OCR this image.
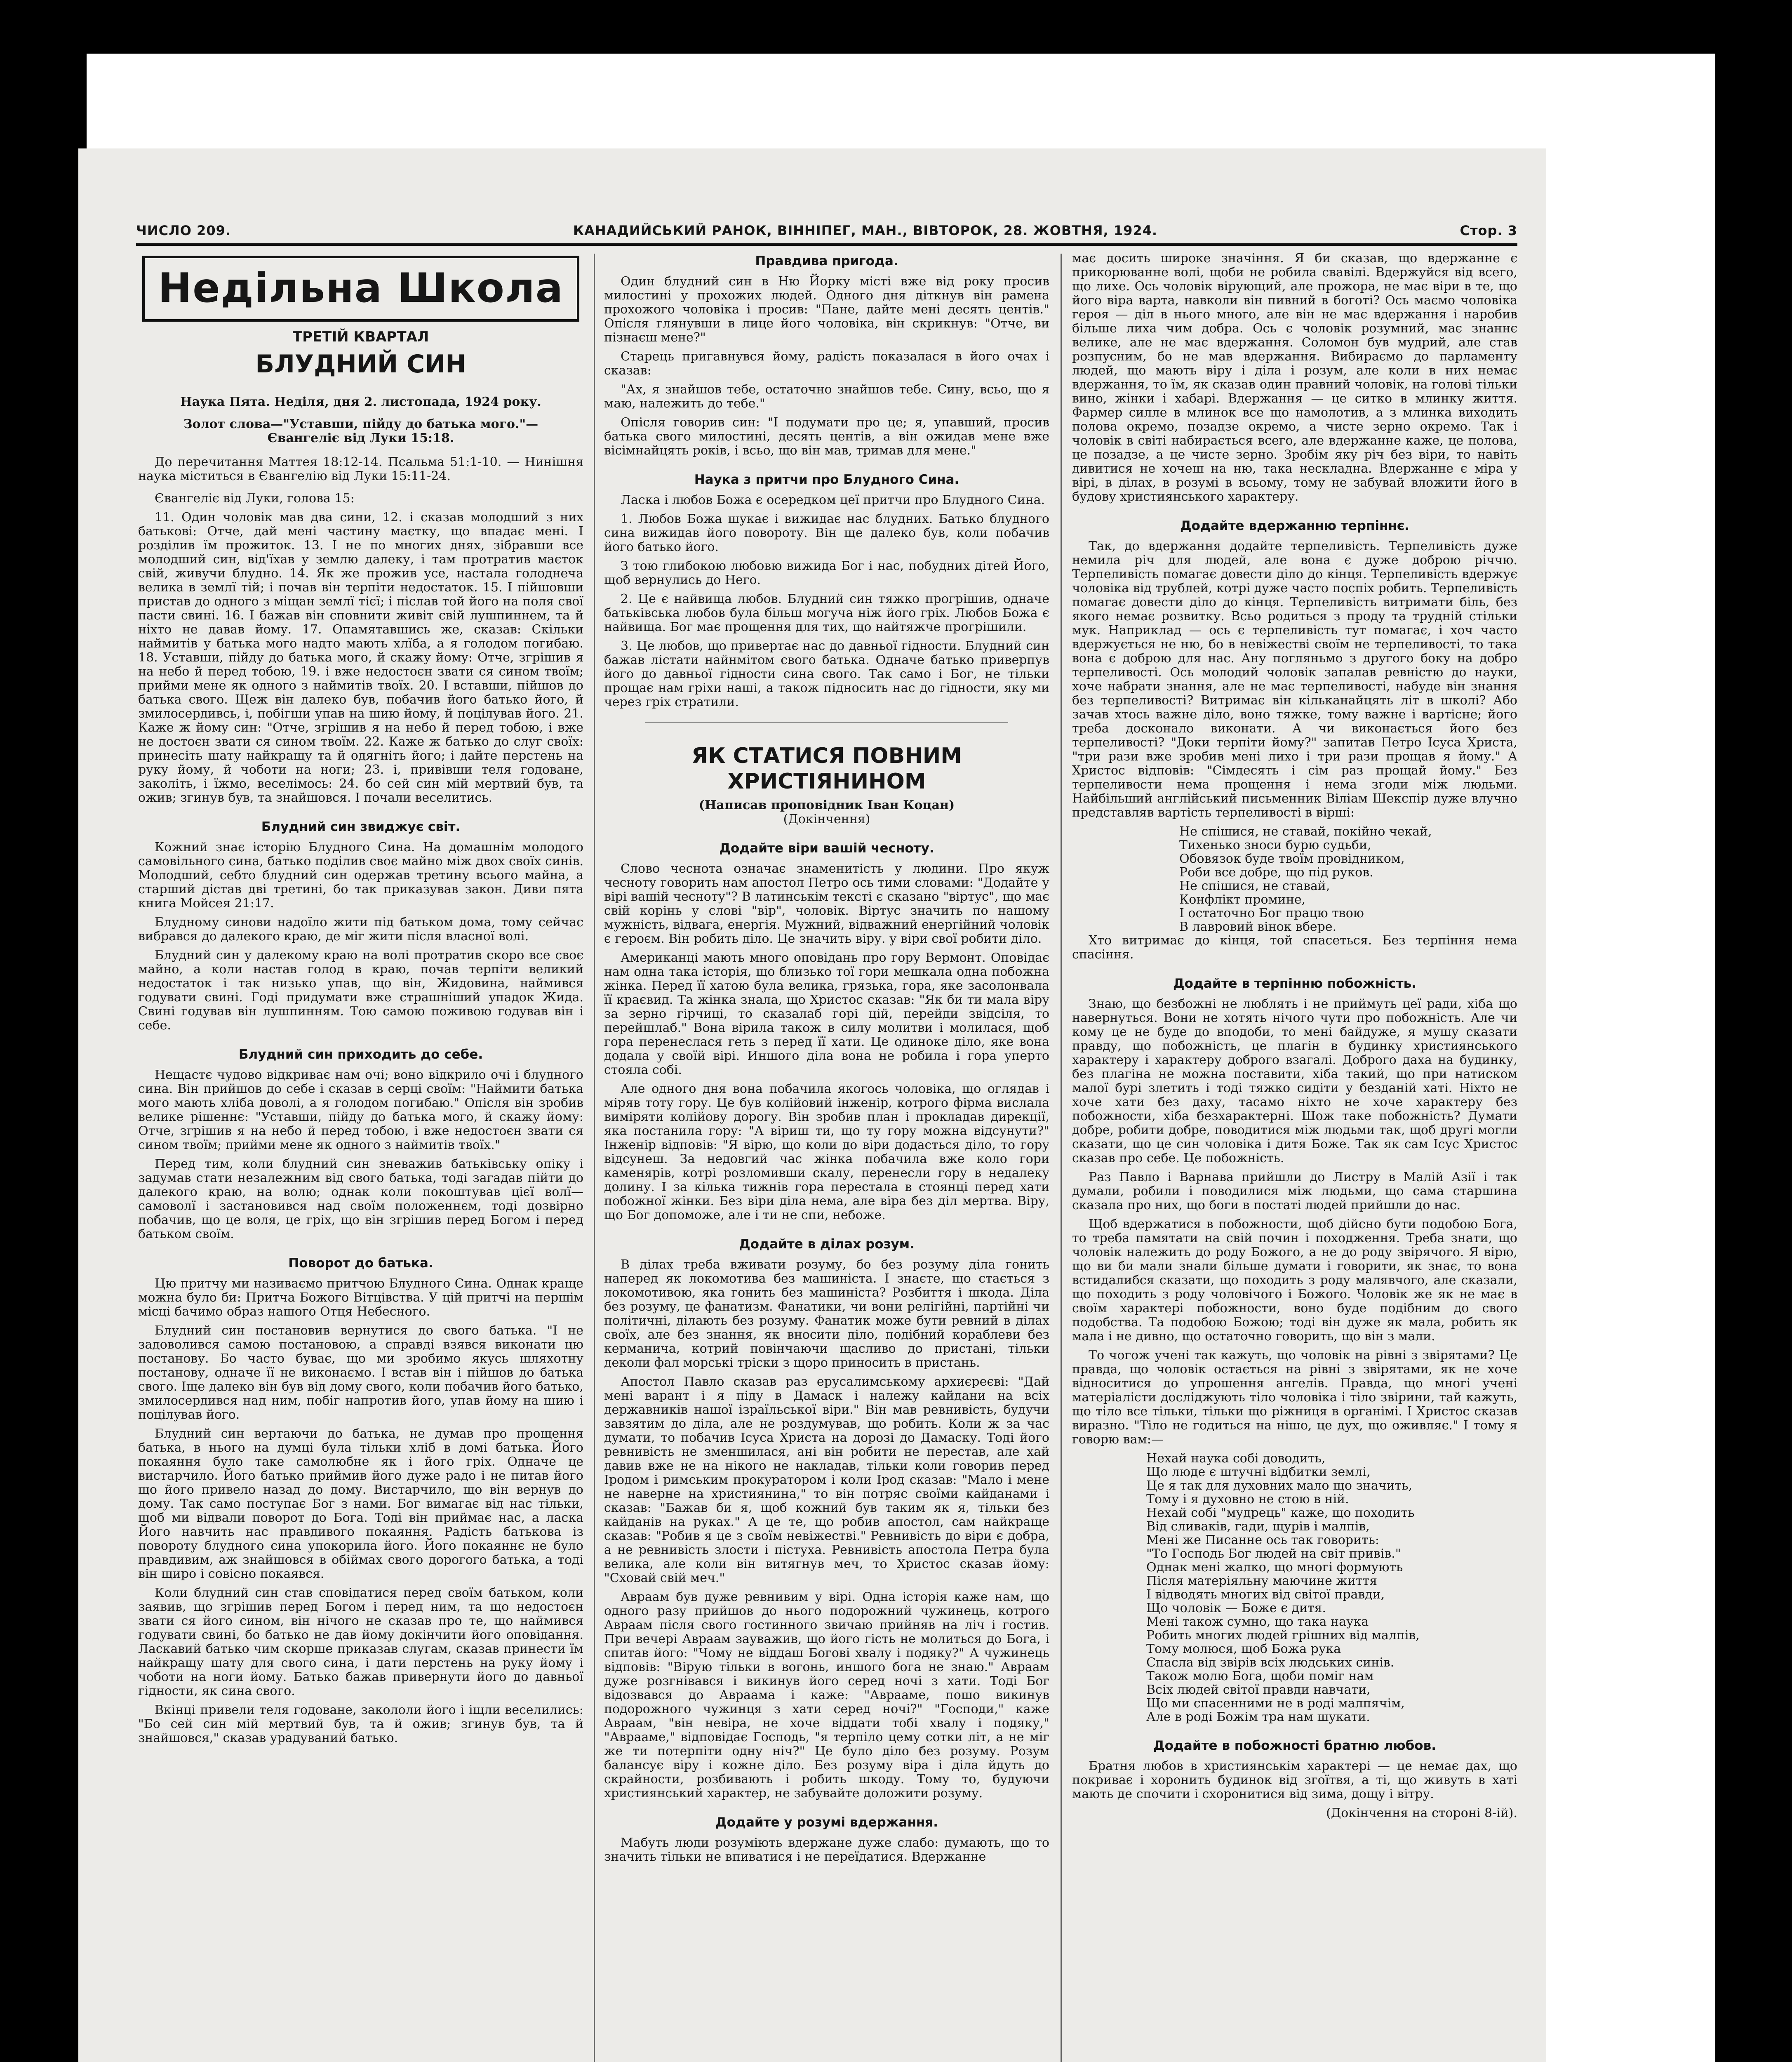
ЧИСЛО 209.	КАНАДИЙСЬКИЙ РАНОК, ВІННІПЕГ, МАН., ВІВТОРОК, 28. ЖОВТНЯ, 1924.	Стор. 3
Недільна Школа
ТРЕТІЙ КВАРТАЛ
БЛУДНИЙ СИН
Наука Пята. Неділя, дня 2. листопада, 1924 року.
Золот слова—"Уставши, пійду до батька мого."— Євангеліє від Луки 15:18.

До перечитання Маттея 18:12-14. Псальма 51:1-10. — Нинішня наука міститься в Євангелію від Луки 15:11-24.

Євангеліє від Луки, голова 15:

11. Один чоловік мав два сини, 12. і сказав молодший з них батькові: Отче, дай мені частину маєтку, що впадає мені. І розділив їм прожиток. 13. І не по многих днях, зібравши все молодший син, від'їхав у землю далеку, і там протратив маєток свій, живучи блудно. 14. Як же прожив усе, настала голоднеча велика в землї тій; і почав він терпіти недостаток. 15. І пійшовши пристав до одного з міщан землї тієї; і післав той його на поля свої пасти свині. 16. І бажав він сповнити живіт свій лушпиннем, та й ніхто не давав йому. 17. Опамятавшись же, сказав: Скільки наймитів у батька мого надто мають хлїба, а я голодом погибаю. 18. Уставши, пійду до батька мого, й скажу йому: Отче, згрішив я на небо й перед тобою, 19. і вже недостоєн звати ся сином твоїм; прийми мене як одного з наймитів твоїх. 20. І вставши, пійшов до батька свого. Щеж він далеко був, побачив його батько його, й змилосердивсь, і, побігши упав на шию йому, й поцілував його. 21. Каже ж йому син: "Отче, згрішив я на небо й перед тобою, і вже не достоєн звати ся сином твоїм. 22. Каже ж батько до слуг своїх: принесіть шату найкращу та й одягніть його; і дайте перстень на руку йому, й чоботи на ноги; 23. і, привівши теля годоване, заколіть, і їжмо, веселімось: 24. бо сей син мій мертвий був, та ожив; згинув був, та знайшовся. І почали веселитись.

Блудний син звиджує світ.

Кожний знає історію Блудного Сина. На домашнім молодого самовільного сина, батько поділив своє майно між двох своїх синів. Молодший, себто блудний син одержав третину всього майна, а старший дістав дві третині, бо так приказував закон. Диви пята книга Мойсея 21:17.

Блудному синови надоїло жити під батьком дома, тому сейчас вибрався до далекого краю, де міг жити після власної волі.

Блудний син у далекому краю на волі протратив скоро все своє майно, а коли настав голод в краю, почав терпіти великий недостаток і так низько упав, що він, Жидовина, наймився годувати свині. Годі придумати вже страшніший упадок Жида. Свині годував він лушпинням. Тою самою поживою годував він і себе.

Блудний син приходить до себе.

Нещастє чудово відкриває нам очі; воно відкрило очі і блудного сина. Він прийшов до себе і сказав в серці своїм: "Наймити батька мого мають хліба доволі, а я голодом погибаю." Опісля він зробив велике рішеннє: "Уставши, пійду до батька мого, й скажу йому: Отче, згрішив я на небо й перед тобою, і вже недостоєн звати ся сином твоїм; прийми мене як одного з наймитів твоїх."

Перед тим, коли блудний син зневажив батьківську опіку і задумав стати незалежним від свого батька, тоді загадав пійти до далекого краю, на волю; однак коли покоштував цієї волї—самоволї і застановився над своїм положеннєм, тоді дозвірно побачив, що це воля, це гріх, що він згрішив перед Богом і перед батьком своїм.

Поворот до батька.

Цю притчу ми називаємо притчою Блудного Сина. Однак краще можна було би: Притча Божого Вітцівства. У цій притчі на першім місці бачимо образ нашого Отця Небесного.

Блудний син постановив вернутися до свого батька. "І не задоволився самою постановою, а справді взявся виконати цю постанову. Бо часто буває, що ми зробимо якусь шляхотну постанову, одначе її не виконаємо. І встав він і пійшов до батька свого. Іще далеко він був від дому свого, коли побачив його батько, змилосердився над ним, побіг напротив його, упав йому на шию і поцілував його.

Блудний син вертаючи до батька, не думав про прощення батька, в нього на думці була тільки хліб в домі батька. Його покаяння було таке самолюбне як і його гріх. Одначе це вистарчило. Його батько приймив його дуже радо і не питав його що його привело назад до дому. Вистарчило, що він вернув до дому. Так само поступає Бог з нами. Бог вимагає від нас тільки, щоб ми відвали поворот до Бога. Тоді він приймає нас, а ласка Його навчить нас правдивого покаяння. Радість батькова із повороту блудного сина упокорила його. Його покаяннє не було правдивим, аж знайшовся в обіймах свого дорогого батька, а тоді він щиро і совісно покаявся.

Коли блудний син став сповідатися перед своїм батьком, коли заявив, що згрішив перед Богом і перед ним, та що недостоєн звати ся його сином, він нічого не сказав про те, що наймився годувати свині, бо батько не дав йому докінчити його оповідання. Ласкавий батько чим скорше приказав слугам, сказав принести їм найкращу шату для свого сина, і дати перстень на руку йому і чоботи на ноги йому. Батько бажав привернути його до давньої гідности, як сина свого.

Вкінці привели теля годоване, закололи його і іщли веселились: "Бо сей син мій мертвий був, та й ожив; згинув був, та й знайшовся," сказав урадуваний батько.

Правдива пригода.

Один блудний син в Ню Йорку місті вже від року просив милостині у прохожих людей. Одного дня діткнув він рамена прохожого чоловіка і просив: "Пане, дайте мені десять центів." Опісля глянувши в лице його чоловіка, він скрикнув: "Отче, ви пізнаєш мене?"

Старець пригавнувся йому, радість показалася в його очах і сказав:

"Ах, я знайшов тебе, остаточно знайшов тебе. Сину, всьо, що я маю, належить до тебе."

Опісля говорив син: "І подумати про це; я, упавший, просив батька свого милостині, десять центів, а він ожидав мене вже вісімнайцять років, і всьо, що він мав, тримав для мене."

Наука з притчи про Блудного Сина.

Ласка і любов Божа є осередком цеї притчи про Блудного Сина.

1. Любов Божа шукає і вижидає нас блудних. Батько блудного сина вижидав його повороту. Він ще далеко був, коли побачив його батько його.

З тою глибокою любовю вижида Бог і нас, побудних дітей Його, щоб вернулись до Него.

2. Це є найвища любов. Блудний син тяжко прогрішив, одначе батьківська любов була більш могуча ніж його гріх. Любов Божа є найвища. Бог має прощення для тих, що найтяжче прогрішили.

3. Це любов, що привертає нас до давньої гідности. Блудний син бажав лістати найнмітом свого батька. Одначе батько приверпув його до давньої гідности сина свого. Так само і Бог, не тільки прощає нам гріхи наші, а також підносить нас до гідности, яку ми через гріх стратили.

ЯК СТАТИСЯ ПОВНИМ ХРИСТІЯНИНОМ
(Написав проповідник Іван Коцан)
(Докінчення)
Додайте віри вашій чесноту.

Слово чеснота означає знаменитість у людини. Про якуж чесноту говорить нам апостол Петро ось тими словами: "Додайте у вірі вашій чесноту"? В латинськім тексті є сказано "віртус", що має свій корінь у слові "вір", чоловік. Віртус значить по нашому мужність, відвага, енергія. Мужний, відважний енергійний чоловік є героєм. Він робить діло. Це значить віру. у віри свої робити діло.

Американці мають много оповідань про гору Вермонт. Оповідає нам одна така історія, що близько тої гори мешкала одна побожна жінка. Перед її хатою була велика, грязька, гора, яке засолонвала її краєвид. Та жінка знала, що Христос сказав: "Як би ти мала віру за зерно гірчиці, то сказалаб горі цій, перейди звідсіля, то перейшлаб." Вона вірила також в силу молитви і молилася, щоб гора перенеслася геть з перед її хати. Це одиноке діло, яке вона додала у своїй вірі. Иншого діла вона не робила і гора уперто стояла собі.

Але одного дня вона побачила якогось чоловіка, що оглядав і міряв тоту гору. Це був колійовий інженір, котрого фірма вислала виміряти колійову дорогу. Він зробив план і прокладав дирекції, яка постанила гору: "А віриш ти, що ту гору можна відсунути?" Інженір відповів: "Я вірю, що коли до віри додасться діло, то гору відсунеш. За недовгий час жінка побачила вже коло гори каменярів, котрі розломивши скалу, перенесли гору в недалеку долину. І за кількa тижнів гора перестала в стоянці перед хати побожної жінки. Без віри діла нема, але віра без діл мертва. Віру, що Бог допоможе, але і ти не спи, небоже.

Додайте в ділах розум.

В ділах треба вживати розуму, бо без розуму діла гонить наперед як локомотива без машиніста. І знаєте, що стається з локомотивою, яка гонить без машиніста? Розбиття і шкода. Діла без розуму, це фанатизм. Фанатики, чи вони релігійні, партійні чи політичні, ділають без розуму. Фанатик може бути ревний в ділах своїх, але без знання, як вносити діло, подібний кораблеви без керманича, котрий повінчаючи щасливо до пристані, тільки деколи фал морські тріски з щоро приносить в пристань.

Апостол Павло сказав раз ерусалимському архиєреєві: "Дай мені варант і я піду в Дамаск і належу кайдани на всіх державників нашої ізраїльської віри." Він мав ревнивість, будучи завзятим до діла, але не роздумував, що робить. Коли ж за час думати, то побачив Ісуса Христа на дорозі до Дамаску. Тоді його ревнивість не зменшилася, ані він робити не перестав, але хай давив вже не на нікого не накладав, тільки коли говорив перед Іродом і римським прокуратором і коли Ірод сказав: "Мало і мене не наверне на християнина," то він потряс своїми кайданами і сказав: "Бажав би я, щоб кожний був таким як я, тільки без кайданів на руках." А це те, що робив апостол, сам найкраще сказав: "Робив я це з своїм невіжестві." Ревнивість до віри є добра, а не ревнивість злости і пістуха. Ревнивість апостола Петра була велика, але коли він витягнув меч, то Христос сказав йому: "Сховай свій меч."

Авраам був дуже ревнивим у вірі. Одна історія каже нам, що одного разу прийшов до нього подорожний чужинець, котрого Авраам після свого гостинного звичаю прийняв на ліч і гостив. При вечері Авраам зауважив, що його гість не молиться до Бога, і спитав його: "Чому не віддаш Богові хвалу і подяку?" А чужинець відповів: "Вірую тільки в вогонь, иншого бога не знаю." Авраам дуже розгнівався і викинув його серед ночі з хати. Тоді Бог відозвався до Авраама і каже: "Аврааме, пошо викинув подорожного чужинця з хати серед ночі?" "Господи," каже Авраам, "він невіра, не хоче віддати тобі хвалу і подяку," "Аврааме," відповідає Господь, "я терпіло цему сотки літ, а не міг же ти потерпіти одну ніч?" Це було діло без розуму. Розум балансує віру і кожне діло. Без розуму віра і діла йдуть до скрайности, розбивають і робить шкоду. Тому то, будуючи християнський характер, не забувайте доложити розуму.

Додайте у розумі вдержання.

Мабуть люди розуміють вдержане дуже слабо: думають, що то значить тільки не впиватися і не переїдатися. Вдержанне

має досить широке значіння. Я би сказав, що вдержанне є прикорюванне волі, щоби не робила свавілі. Вдержуйся від всего, що лихе. Ось чоловік вірующий, але прожора, не має віри в те, що його віра варта, навколи він пивний в боготі? Ось маємо чоловіка героя — діл в нього много, але він не має вдержання і наробив більше лиха чим добра. Ось є чоловік розумний, має знаннє велике, але не має вдержання. Соломон був мудрий, але став розпусним, бо не мав вдержання. Вибираємо до парламенту людей, що мають віру і діла і розум, але коли в них немає вдержання, то їм, як сказав один правний чоловік, на голові тільки вино, жінки і хабарі. Вдержання — це ситко в млинку життя. Фармер силле в млинок все що намолотив, а з млинка виходить полова окремо, позадзе окремо, а чисте зерно окремо. Так і чоловік в світі набирається всего, але вдержанне каже, це полова, це позадзе, а це чисте зерно. Зробім яку річ без віри, то навіть дивитися не хочеш на ню, така нескладна. Вдержанне є міра у вірі, в ділах, в розумі в всьому, тому не забувай вложити його в будову християнського характеру.

Додайте вдержанню терпіннє.

Так, до вдержання додайте терпеливість. Терпеливість дуже немила річ для людей, але вона є дуже доброю річчю. Терпеливість помагає довести діло до кінця. Терпеливість вдержує чоловіка від трублей, котрі дуже часто поспіх робить. Терпеливість помагає довести діло до кінця. Терпеливість витримати біль, без якого немає розвитку. Всьо родиться з проду та трудній стільки мук. Наприклад — ось є терпеливість тут помагає, і хоч часто вдержується не ню, бо в невіжестві своїм не терпеливості, то така вона є доброю для нас. Ану погляньмо з другого боку на добро терпеливості. Ось молодий чоловік запалав ревністю до науки, хоче набрати знання, але не має терпеливості, набуде він знання без терпеливості? Витримає він кільканайцять літ в школі? Або зачав хтось важне діло, воно тяжке, тому важне і вартісне; його треба досконало виконати. А чи виконається його без терпеливості? "Доки терпіти йому?" запитав Петро Ісуса Христа, "три рази вже зробив мені лихо і три рази прощав я йому." А Христос відповів: "Сімдесять і сім раз прощай йому." Без терпеливости нема прощення і нема згоди між людьми. Найбільший англійський письменник Віліам Шекспір дуже влучно представляв вартість терпеливості в вірші:

Не спішися, не ставай, покійно чекай,
Тихенько зноси бурю судьби,
Обовязок буде твоїм провідником,
Роби все добре, що під руков.
Не спішися, не ставай,
Конфлікт проминe,
І остаточно Бог працю твою
В лавровий вінок вбере.

Хто витримає до кінця, той спасеться. Без терпіння нема спасіння.

Додайте в терпінню побожність.

Знаю, що безбожні не люблять і не приймуть цеї ради, хіба що навернуться. Вони не хотять нічого чути про побожність. Але чи кому це не буде до вподоби, то мені байдуже, я мушу сказати правду, що побожність, це плагін в будинку християнського характеру і характеру доброго взагалі. Доброго даха на будинку, без плагіна не можна поставити, хіба такий, що при натиском малої бурі злетить і тоді тяжко сидіти у безданій хаті. Ніхто не хоче хати без даху, тасамо ніхто не хоче характеру без побожности, хіба безхарактерні. Шож таке побожність? Думати добре, робити добре, поводитися між людьми так, щоб другі могли сказати, що це син чоловіка і дитя Боже. Так як сам Ісус Христос сказав про себе. Це побожність.

Раз Павло і Варнава прийшли до Листру в Малій Азії і так думали, робили і поводилися між людьми, що сама старшина сказала про них, що боги в постаті людей прийшли до нас.

Щоб вдержатися в побожности, щоб дійсно бути подобою Бога, то треба памятати на свій почин і походження. Треба знати, що чоловік належить до роду Божого, а не до роду звірячого. Я вірю, що ви би мали знали більше думати і говорити, як знає, то вона встидалибся сказати, що походить з роду малявчого, але сказали, що походить з роду чоловічого і Божого. Чоловік же як не має в своїм характері побожности, воно буде подібним до свого подобства. Та подобою Божою; тоді він дуже як мала, робить як мала і не дивно, що остаточно говорить, що він з мали.

То чогож учені так кажуть, що чоловік на рівні з звірятами? Це правда, що чоловік остається на рівні з звірятами, як не хоче відноситися до упрошення ангелів. Правда, що многі учені матеріалісти досліджують тіло чоловіка і тіло звірини, тай кажуть, що тіло все тільки, тільки що ріжниця в органімі. І Христос сказав виразно. "Тіло не годиться на нішо, це дух, що оживляє." І тому я говорю вам:—

Нехай наука собі доводить,
Що люде є штучні відбитки землі,
Це я так для духовних мало що значить,
Тому і я духовно не стою в ній.
Нехай собі "мудрець" каже, що походить
Від сливаків, гади, щурів і малпів,
Мені же Писанне ось так говорить:
"То Господь Бог людей на світ привів."
Однак мені жалко, що многі формують
Після матеріяльну маючине життя
І відводять многих від світої правди,
Що чоловік — Боже є дитя.
Мені також сумно, що така наука
Робить многих людей грішних від малпів,
Тому молюся, щоб Божа рука
Спасла від звірів всіх людських синів.
Також молю Бога, щоби поміг нам
Всіх людей світої правди навчати,
Що ми спасенними не в роді малпячім,
Але в роді Божім тра нам шукати.
Додайте в побожності братню любов.

Братня любов в християнськім характері — це немає дах, що покриває і хоронить будинок від згоїтвя, а ті, що живуть в хаті мають де спочити і схоронитися від зима, дощу і вітру.

(Докінчення на стороні 8-ій).
